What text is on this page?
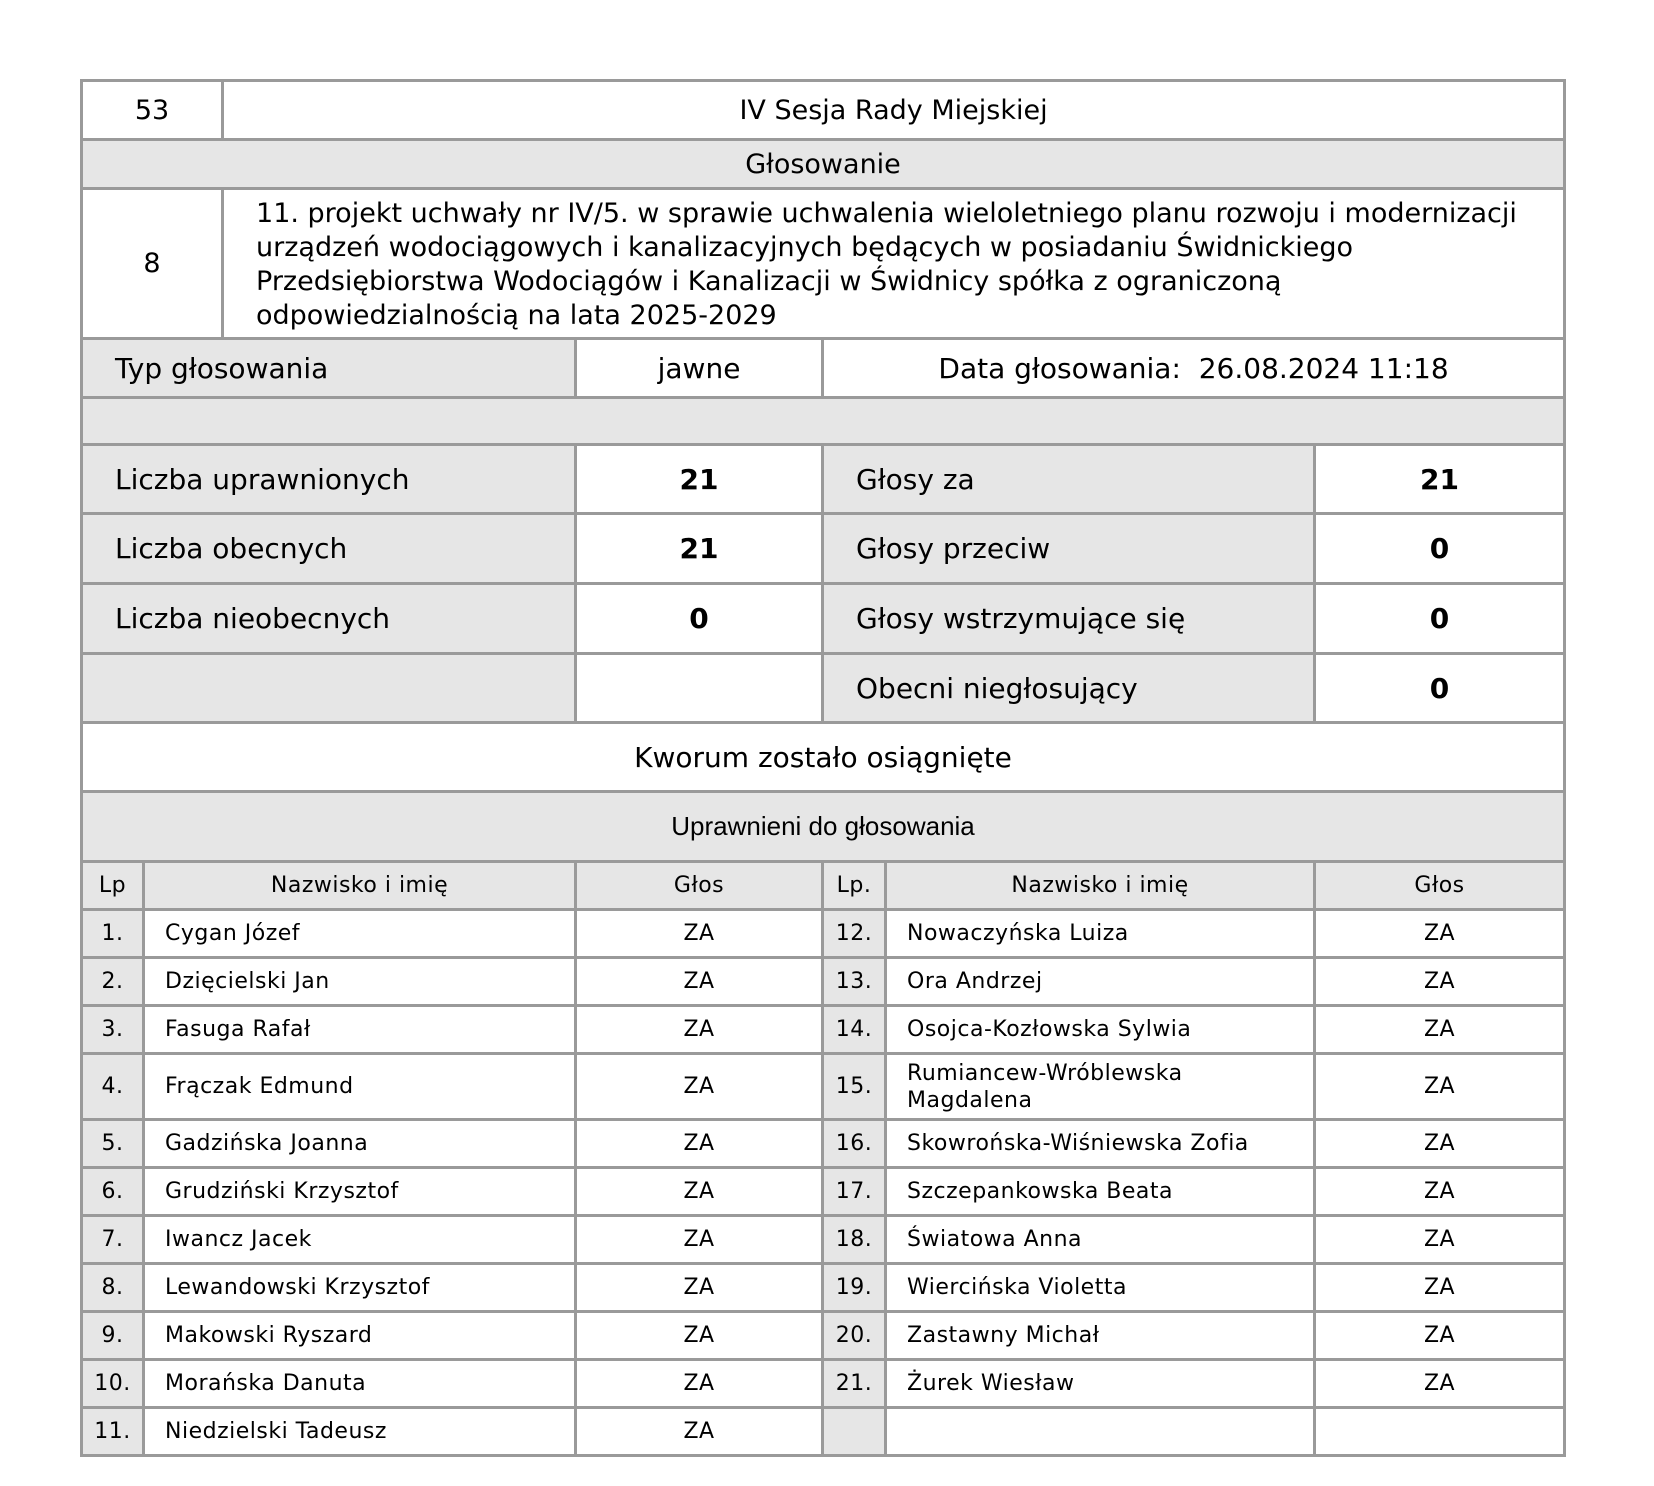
53		IV Sesja Rady Miejskiej				
Głosowanie						
8		11. projekt uchwały nr IV/5. w sprawie uchwalenia wieloletniego planu rozwoju i modernizacji urządzeń wodociągowych i kanalizacyjnych będących w posiadaniu Świdnickiego Przedsiębiorstwa Wodociągów i Kanalizacji w Świdnicy spółka z ograniczoną odpowiedzialnością na lata 2025-2029				
Typ głosowania			jawne	Data głosowania: 26.08.2024 11:18		

Liczba uprawnionych			21	Głosy za		21
Liczba obecnych			21	Głosy przeciw		0
Liczba nieobecnych			0	Głosy wstrzymujące się		0
				Obecni niegłosujący		0
Kworum zostało osiągnięte						
Uprawnieni do głosowania						
Lp	Nazwisko i imię		Głos	Lp.	Nazwisko i imię	Głos
1.	Cygan Józef		ZA	12.	Nowaczyńska Luiza	ZA
2.	Dzięcielski Jan		ZA	13.	Ora Andrzej	ZA
3.	Fasuga Rafał		ZA	14.	Osojca-Kozłowska Sylwia	ZA
4.	Frączak Edmund		ZA	15.	Rumiancew-Wróblewska Magdalena	ZA
5.	Gadzińska Joanna		ZA	16.	Skowrońska-Wiśniewska Zofia	ZA
6.	Grudziński Krzysztof		ZA	17.	Szczepankowska Beata	ZA
7.	Iwancz Jacek		ZA	18.	Światowa Anna	ZA
8.	Lewandowski Krzysztof		ZA	19.	Wiercińska Violetta	ZA
9.	Makowski Ryszard		ZA	20.	Zastawny Michał	ZA
10.	Morańska Danuta		ZA	21.	Żurek Wiesław	ZA
11.	Niedzielski Tadeusz		ZA			
